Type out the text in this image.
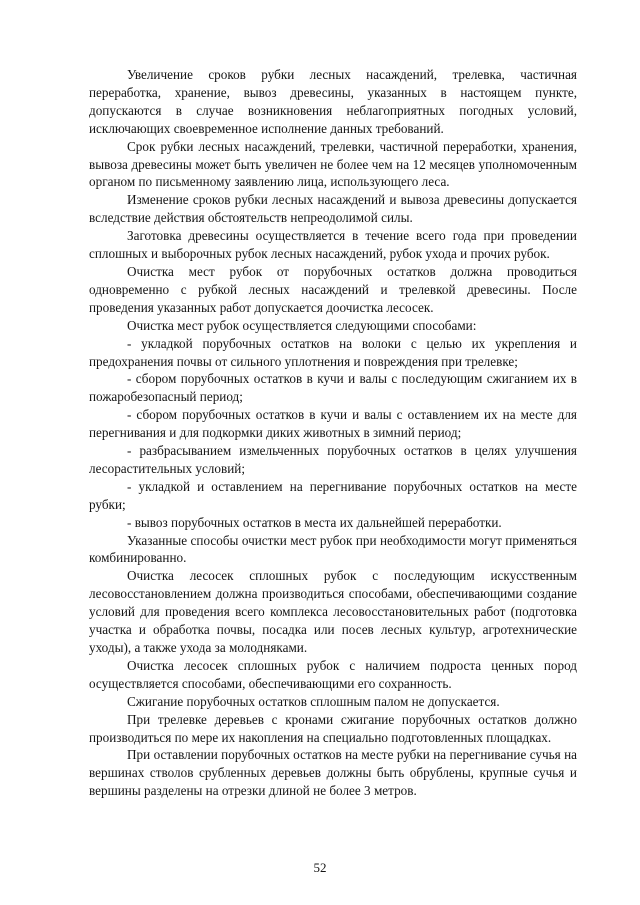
Увеличение сроков рубки лесных насаждений, трелевка, частичная переработка, хранение, вывоз древесины, указанных в настоящем пункте, допускаются в случае возникновения неблагоприятных погодных условий, исключающих своевременное исполнение данных требований.

Срок рубки лесных насаждений, трелевки, частичной переработки, хранения, вывоза древесины может быть увеличен не более чем на 12 месяцев уполномоченным органом по письменному заявлению лица, использующего леса.

Изменение сроков рубки лесных насаждений и вывоза древесины допускается вследствие действия обстоятельств непреодолимой силы.

Заготовка древесины осуществляется в течение всего года при проведении сплошных и выборочных рубок лесных насаждений, рубок ухода и прочих рубок.

Очистка мест рубок от порубочных остатков должна проводиться одновременно с рубкой лесных насаждений и трелевкой древесины. После проведения указанных работ допускается доочистка лесосек.

Очистка мест рубок осуществляется следующими способами:

- укладкой порубочных остатков на волоки с целью их укрепления и предохранения почвы от сильного уплотнения и повреждения при трелевке;

- сбором порубочных остатков в кучи и валы с последующим сжиганием их в пожаробезопасный период;

- сбором порубочных остатков в кучи и валы с оставлением их на месте для перегнивания и для подкормки диких животных в зимний период;

- разбрасыванием измельченных порубочных остатков в целях улучшения лесорастительных условий;

- укладкой и оставлением на перегнивание порубочных остатков на месте рубки;

- вывоз порубочных остатков в места их дальнейшей переработки.

Указанные способы очистки мест рубок при необходимости могут применяться комбинированно.

Очистка лесосек сплошных рубок с последующим искусственным лесовосстановлением должна производиться способами, обеспечивающими создание условий для проведения всего комплекса лесовосстановительных работ (подготовка участка и обработка почвы, посадка или посев лесных культур, агротехнические уходы), а также ухода за молодняками.

Очистка лесосек сплошных рубок с наличием подроста ценных пород осуществляется способами, обеспечивающими его сохранность.

Сжигание порубочных остатков сплошным палом не допускается.

При трелевке деревьев с кронами сжигание порубочных остатков должно производиться по мере их накопления на специально подготовленных площадках.

При оставлении порубочных остатков на месте рубки на перегнивание сучья на вершинах стволов срубленных деревьев должны быть обрублены, крупные сучья и вершины разделены на отрезки длиной не более 3 метров.

52
